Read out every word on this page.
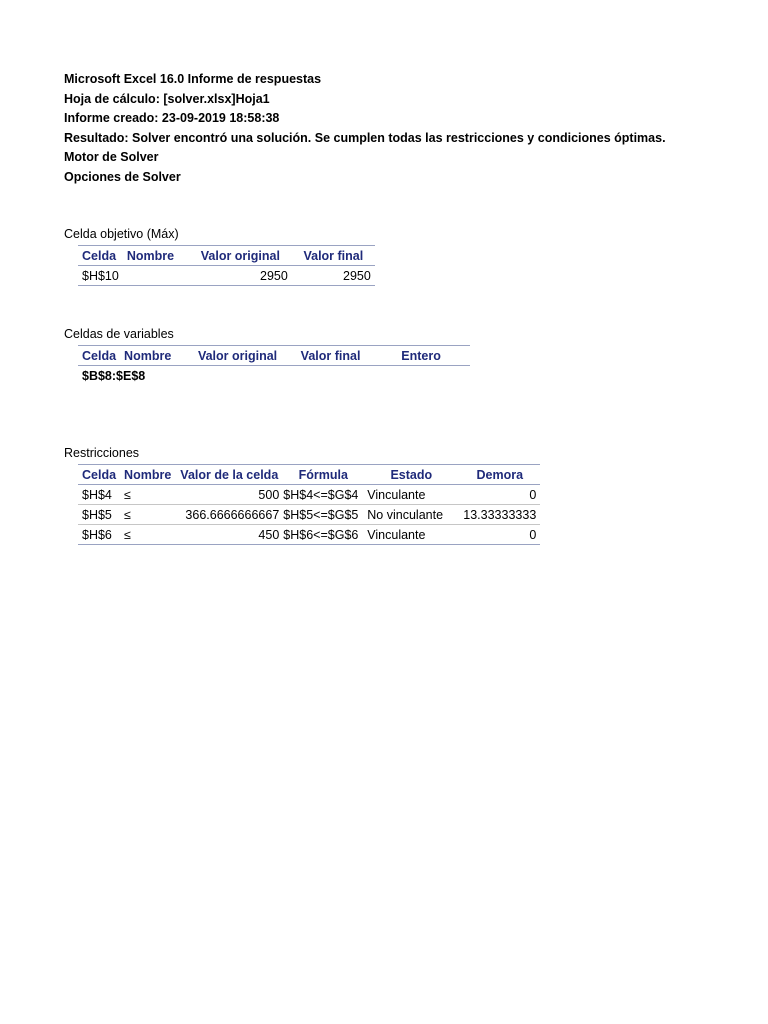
Microsoft Excel 16.0 Informe de respuestas
Hoja de cálculo: [solver.xlsx]Hoja1
Informe creado: 23-09-2019 18:58:38
Resultado: Solver encontró una solución. Se cumplen todas las restricciones y condiciones óptimas.
Motor de Solver
Opciones de Solver
Celda objetivo (Máx)
Celda	Nombre	Valor original	Valor final
$H$10		2950	2950
Celdas de variables
Celda	Nombre	Valor original	Valor final	Entero
$B$8:$E$8				
Restricciones
Celda	Nombre	Valor de la celda	Fórmula	Estado	Demora
$H$4	≤	500	$H$4<=$G$4	Vinculante	0
$H$5	≤	366.6666666667	$H$5<=$G$5	No vinculante	13.33333333
$H$6	≤	450	$H$6<=$G$6	Vinculante	0
